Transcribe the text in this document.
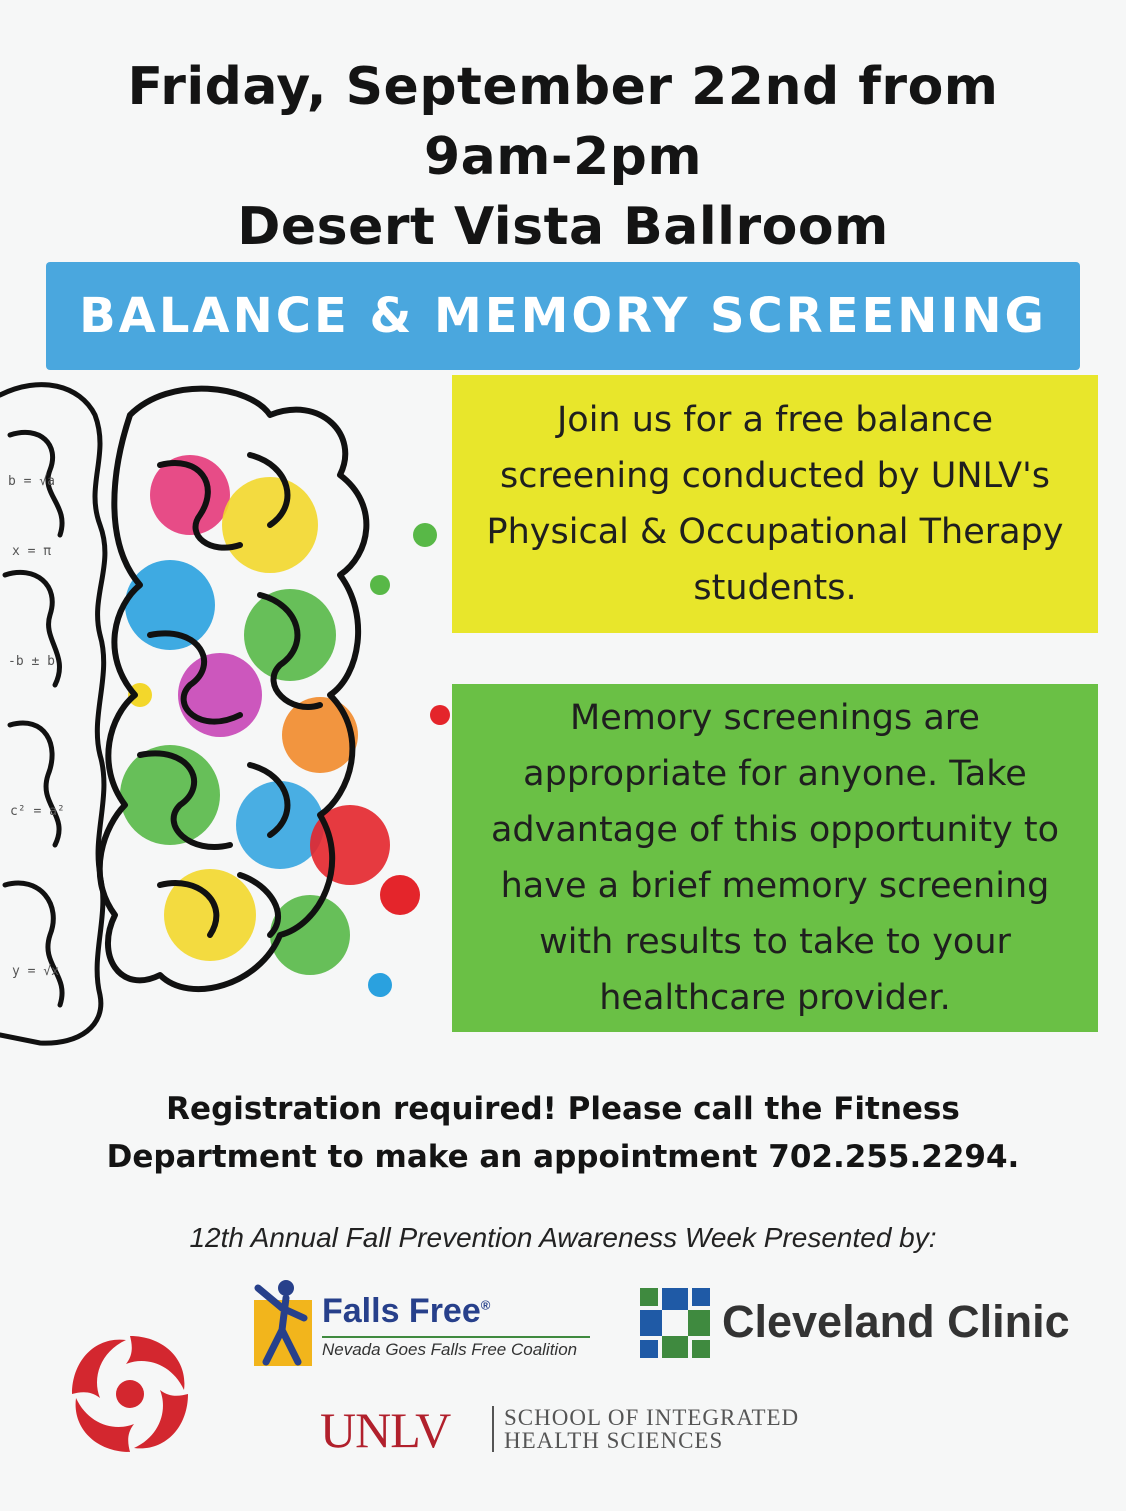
Friday, September 22nd from
9am-2pm
Desert Vista Ballroom
BALANCE & MEMORY SCREENING
b = √a
x = π
-b ± b
c² = a²
y = √x

Join us for a free balance screening conducted by UNLV's Physical & Occupational Therapy students.

Memory screenings are appropriate for anyone. Take advantage of this opportunity to have a brief memory screening with results to take to your healthcare provider.

Registration required! Please call the Fitness
Department to make an appointment 702.255.2294.
12th Annual Fall Prevention Awareness Week Presented by:
Falls Free®
Nevada Goes Falls Free Coalition
Cleveland Clinic
UNLV SCHOOL OF INTEGRATED
HEALTH SCIENCES
